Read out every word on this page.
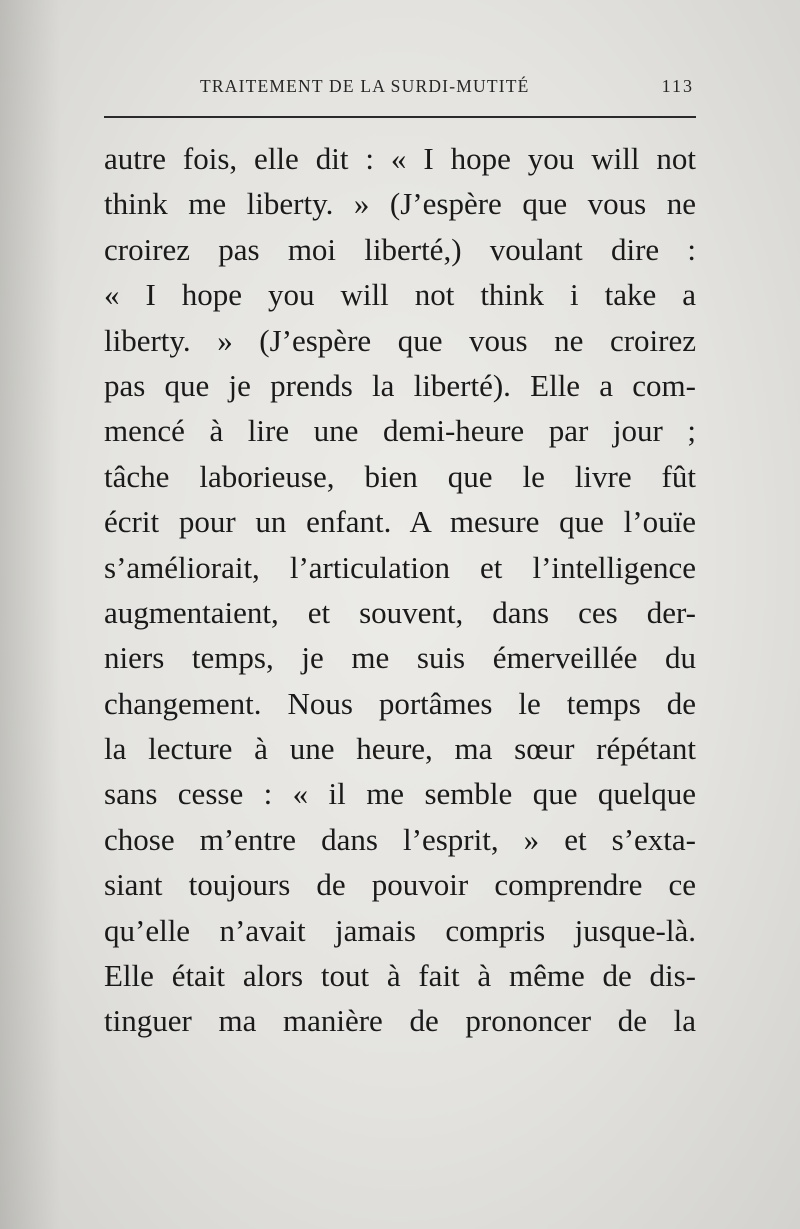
TRAITEMENT DE LA SURDI-MUTITÉ	113
autre fois, elle dit : « I hope you will not
think me liberty. » (J’espère que vous ne
croirez pas moi liberté,) voulant dire :
« I hope you will not think i take a
liberty. » (J’espère que vous ne croirez
pas que je prends la liberté). Elle a com-
mencé à lire une demi-heure par jour ;
tâche laborieuse, bien que le livre fût
écrit pour un enfant. A mesure que l’ouïe
s’améliorait, l’articulation et l’intelligence
augmentaient, et souvent, dans ces der-
niers temps, je me suis émerveillée du
changement. Nous portâmes le temps de
la lecture à une heure, ma sœur répétant
sans cesse : « il me semble que quelque
chose m’entre dans l’esprit, » et s’exta-
siant toujours de pouvoir comprendre ce
qu’elle n’avait jamais compris jusque-là.
Elle était alors tout à fait à même de dis-
tinguer ma manière de prononcer de la
